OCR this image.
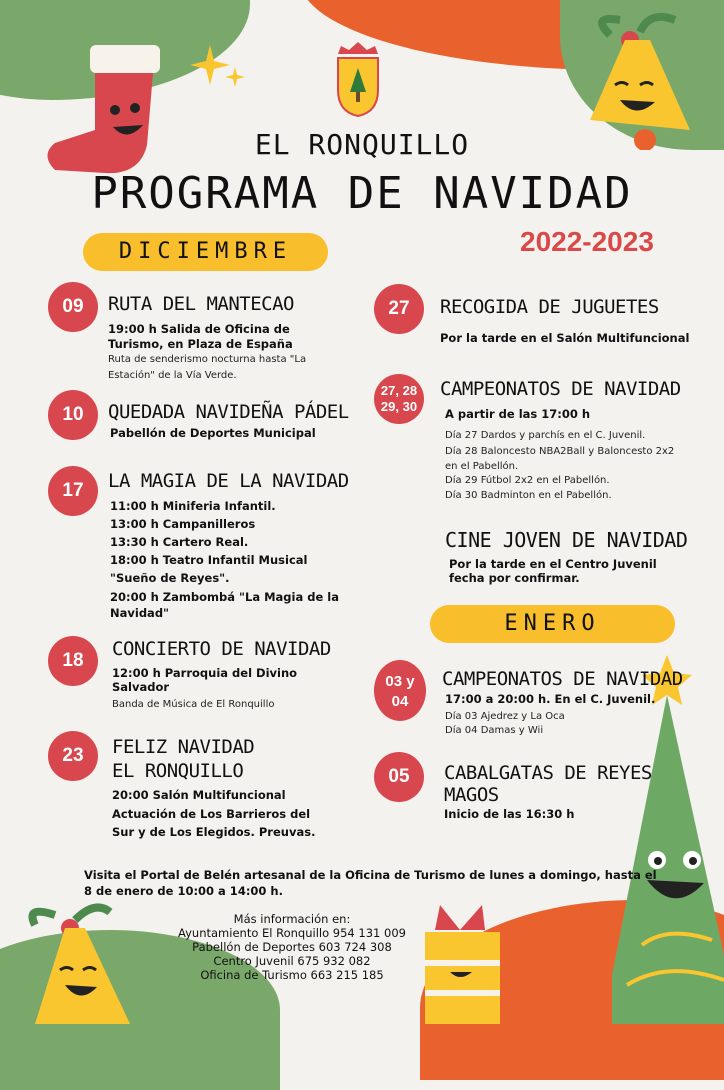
EL RONQUILLO
PROGRAMA DE NAVIDAD
2022-2023
DICIEMBRE
09	RUTA DEL MANTECAO
19:00 h Salida de Oficina de
Turismo, en Plaza de España
Ruta de senderismo nocturna hasta "La
Estación" de la Vía Verde.
10	QUEDADA NAVIDEÑA PÁDEL
Pabellón de Deportes Municipal
17	LA MAGIA DE LA NAVIDAD
11:00 h Miniferia Infantil.
13:00 h Campanilleros
13:30 h Cartero Real.
18:00 h Teatro Infantil Musical
"Sueño de Reyes".
20:00 h Zambombá "La Magia de la
Navidad"
18
CONCIERTO DE NAVIDAD
12:00 h Parroquia del Divino
Salvador
Banda de Música de El Ronquillo
23	FELIZ NAVIDAD
EL RONQUILLO
20:00 Salón Multifuncional
Actuación de Los Barrieros del
Sur y de Los Elegidos. Preuvas.
27	RECOGIDA DE JUGUETES
Por la tarde en el Salón Multifuncional
27, 28
29, 30
CAMPEONATOS DE NAVIDAD
A partir de las 17:00 h
Día 27 Dardos y parchís en el C. Juvenil.
Día 28 Baloncesto NBA2Ball y Baloncesto 2x2
en el Pabellón.
Día 29 Fútbol 2x2 en el Pabellón.
Día 30 Badminton en el Pabellón.
CINE JOVEN DE NAVIDAD
Por la tarde en el Centro Juvenil
fecha por confirmar.
ENERO
03 y
04
CAMPEONATOS DE NAVIDAD
17:00 a 20:00 h. En el C. Juvenil.
Día 03 Ajedrez y La Oca
Día 04 Damas y Wii
05	CABALGATAS DE REYES
MAGOS
Inicio de las 16:30 h
Visita el Portal de Belén artesanal de la Oficina de Turismo de lunes a domingo, hasta el
8 de enero de 10:00 a 14:00 h.
Más información en:
Ayuntamiento El Ronquillo 954 131 009
Pabellón de Deportes 603 724 308
Centro Juvenil 675 932 082
Oficina de Turismo 663 215 185
